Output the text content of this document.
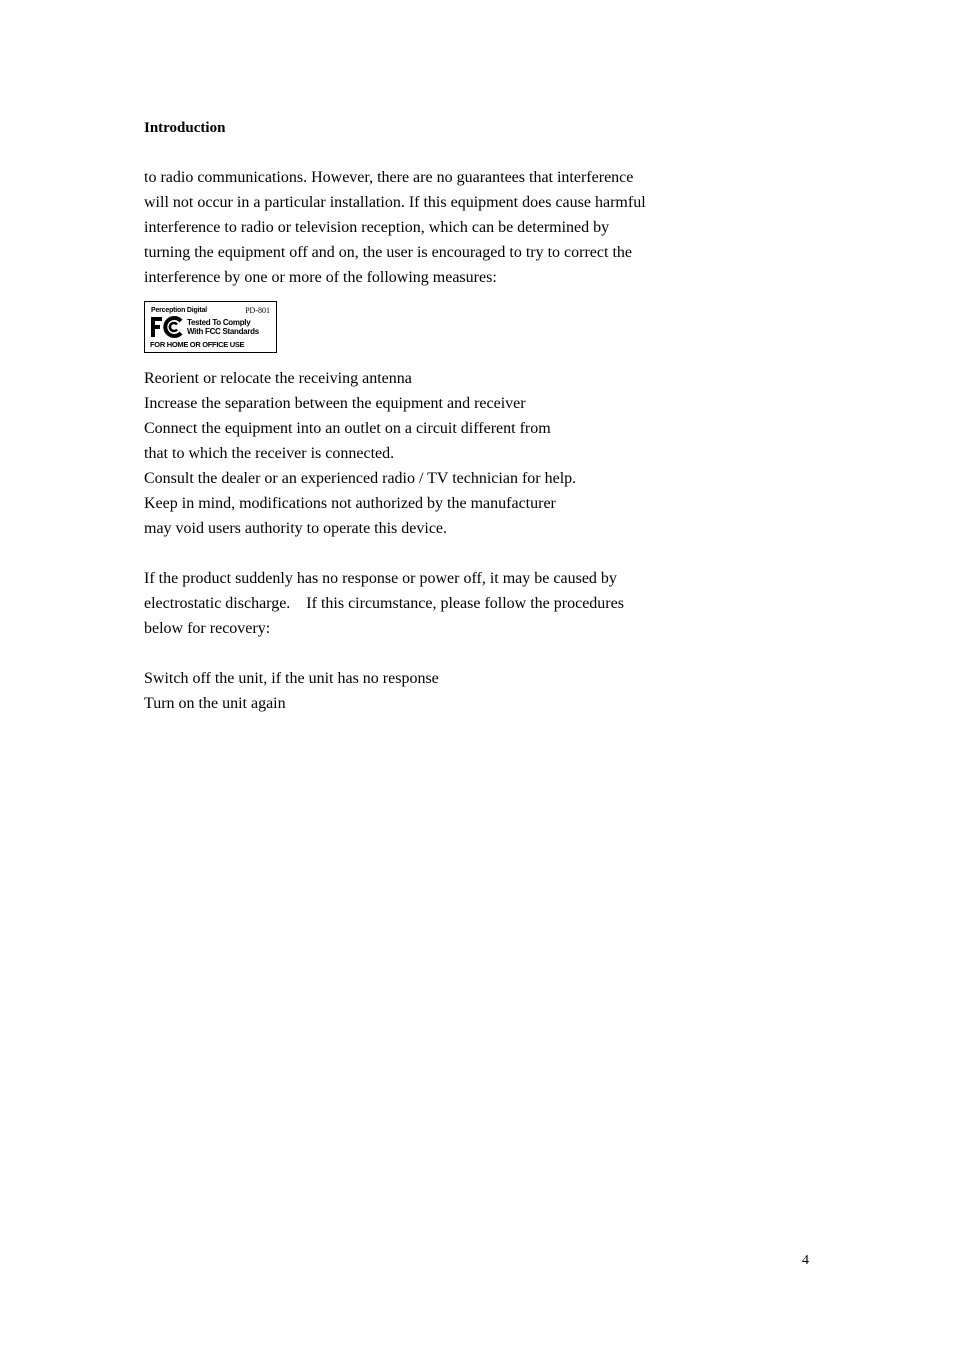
Introduction

to radio communications. However, there are no guarantees that interference
will not occur in a particular installation. If this equipment does cause harmful
interference to radio or television reception, which can be determined by
turning the equipment off and on, the user is encouraged to try to correct the
interference by one or more of the following measures:

Perception Digital	PD-801
Tested To Comply
With FCC Standards
FOR HOME OR OFFICE USE

Reorient or relocate the receiving antenna
Increase the separation between the equipment and receiver
Connect the equipment into an outlet on a circuit different from
that to which the receiver is connected.
Consult the dealer or an experienced radio / TV technician for help.
Keep in mind, modifications not authorized by the manufacturer
may void users authority to operate this device.

If the product suddenly has no response or power off, it may be caused by
electrostatic discharge.    If this circumstance, please follow the procedures
below for recovery:

Switch off the unit, if the unit has no response
Turn on the unit again

4
